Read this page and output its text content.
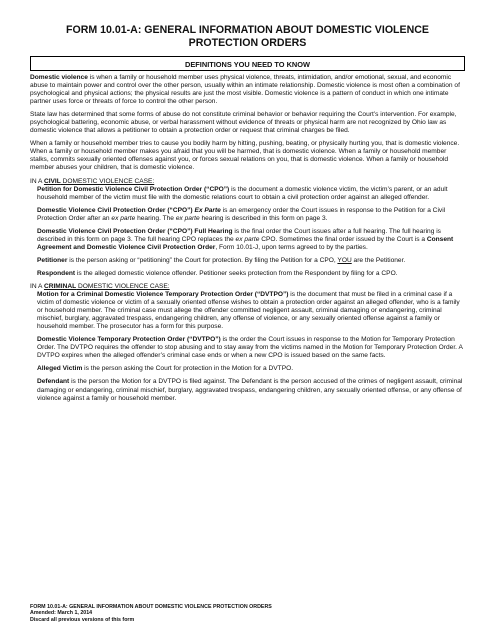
FORM 10.01-A: GENERAL INFORMATION ABOUT DOMESTIC VIOLENCE
PROTECTION ORDERS
DEFINITIONS YOU NEED TO KNOW

Domestic violence is when a family or household member uses physical violence, threats, intimidation, and/or emotional, sexual, and economic abuse to maintain power and control over the other person, usually within an intimate relationship. Domestic violence is most often a combination of psychological and physical actions; the physical results are just the most visible. Domestic violence is a pattern of conduct in which one intimate partner uses force or threats of force to control the other person.

State law has determined that some forms of abuse do not constitute criminal behavior or behavior requiring the Court’s intervention. For example, psychological battering, economic abuse, or verbal harassment without evidence of threats or physical harm are not recognized by Ohio law as domestic violence that allows a petitioner to obtain a protection order or request that criminal charges be filed.

When a family or household member tries to cause you bodily harm by hitting, pushing, beating, or physically hurting you, that is domestic violence. When a family or household member makes you afraid that you will be harmed, that is domestic violence. When a family or household member stalks, commits sexually oriented offenses against you, or forces sexual relations on you, that is domestic violence. When a family or household member abuses your children, that is domestic violence.

IN A CIVIL DOMESTIC VIOLENCE CASE:

Petition for Domestic Violence Civil Protection Order (“CPO”) is the document a domestic violence victim, the victim’s parent, or an adult household member of the victim must file with the domestic relations court to obtain a civil protection order against an alleged offender.

Domestic Violence Civil Protection Order (“CPO”) Ex Parte is an emergency order the Court issues in response to the Petition for a Civil Protection Order after an ex parte hearing. The ex parte hearing is described in this form on page 3.

Domestic Violence Civil Protection Order (“CPO”) Full Hearing is the final order the Court issues after a full hearing. The full hearing is described in this form on page 3. The full hearing CPO replaces the ex parte CPO. Sometimes the final order issued by the Court is a Consent Agreement and Domestic Violence Civil Protection Order, Form 10.01-J, upon terms agreed to by the parties.

Petitioner is the person asking or “petitioning” the Court for protection. By filing the Petition for a CPO, YOU are the Petitioner.

Respondent is the alleged domestic violence offender. Petitioner seeks protection from the Respondent by filing for a CPO.

IN A CRIMINAL DOMESTIC VIOLENCE CASE:

Motion for a Criminal Domestic Violence Temporary Protection Order (“DVTPO”) is the document that must be filed in a criminal case if a victim of domestic violence or victim of a sexually oriented offense wishes to obtain a protection order against an alleged offender, who is a family or household member. The criminal case must allege the offender committed negligent assault, criminal damaging or endangering, criminal mischief, burglary, aggravated trespass, endangering children, any offense of violence, or any sexually oriented offense against a family or household member. The prosecutor has a form for this purpose.

Domestic Violence Temporary Protection Order (“DVTPO”) is the order the Court issues in response to the Motion for Temporary Protection Order. The DVTPO requires the offender to stop abusing and to stay away from the victims named in the Motion for Temporary Protection Order. A DVTPO expires when the alleged offender’s criminal case ends or when a new CPO is issued based on the same facts.

Alleged Victim is the person asking the Court for protection in the Motion for a DVTPO.

Defendant is the person the Motion for a DVTPO is filed against. The Defendant is the person accused of the crimes of negligent assault, criminal damaging or endangering, criminal mischief, burglary, aggravated trespass, endangering children, any sexually oriented offense, or any offense of violence against a family or household member.

FORM 10.01-A: GENERAL INFORMATION ABOUT DOMESTIC VIOLENCE PROTECTION ORDERS
Amended: March 1, 2014
Discard all previous versions of this form
